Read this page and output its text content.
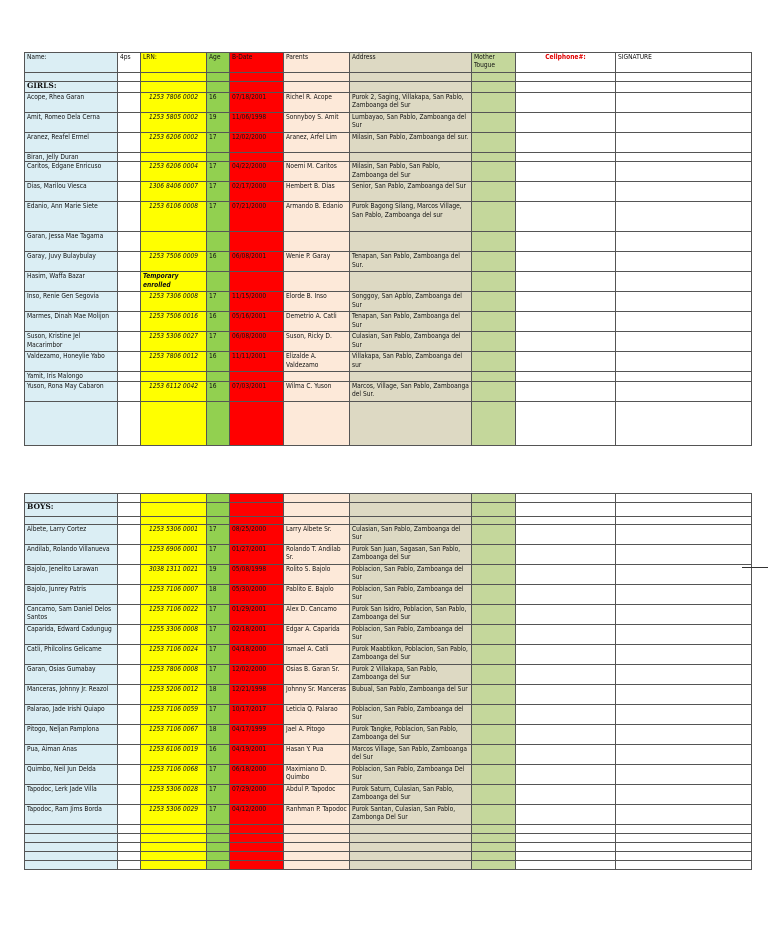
Name:	4ps	LRN:	Age	B-Date	Parents	Address	Mother Tougue	Cellphone#:	SIGNATURE

GIRLS:									
Acope, Rhea Garan		1253 7806 0002	16	07/18/2001	Richel R. Acope	Purok 2, Saging, Villakapa, San Pablo, Zamboanga del Sur			
Amit, Romeo Dela Cerna		1253 5805 0002	19	11/06/1998	Sonnyboy S. Amit	Lumbayao, San Pablo, Zamboanga del Sur			
Aranez, Reafel Ermel		1253 6206 0002	17	12/02/2000	Aranez, Arfel Lim	Milasin, San Pablo, Zamboanga del sur.			
Biran, Jelly Duran									
Caritos, Edgane Enricuso		1253 6206 0004	17	04/22/2000	Noemi M. Caritos	Milasin, San Pablo, San Pablo, Zamboanga del Sur			
Dias, Marilou Viesca		1306 8406 0007	17	02/17/2000	Hembert B. Dias	Senior, San Pablo, Zamboanga del Sur			
Edanio, Ann Marie Siete		1253 6106 0008	17	07/21/2000	Armando B. Edanio	Purok Bagong Silang, Marcos Village, San Pablo, Zamboanga del sur			
Garan, Jessa Mae Tagama									
Garay, Juvy Bulaybulay		1253 7506 0009	16	06/08/2001	Wenie P. Garay	Tenapan, San Pablo, Zamboanga del Sur.			
Hasim, Waffa Bazar		Temporary enrolled							
Inso, Renie Gen Segovia		1253 7306 0008	17	11/15/2000	Elorde B. Inso	Songgoy, San Apblo, Zamboanga del Sur			
Marmes, Dinah Mae Molijon		1253 7506 0016	16	05/16/2001	Demetrio A. Catli	Tenapan, San Pablo, Zamboanga del Sur			
Suson, Kristine Jel Macarimbor		1253 5306 0027	17	06/08/2000	Suson, Ricky D.	Culasian, San Pablo, Zamboanga del Sur			
Valdezamo, Honeylie Yabo		1253 7806 0012	16	11/11/2001	Elizalde A. Valdezamo	Villakapa, San Pablo, Zamboanga del sur			
Yamit, Iris Malongo									
Yuson, Rona May Cabaron		1253 6112 0042	16	07/03/2001	Wilma C. Yuson	Marcos, Village, San Pablo, Zamboanga del Sur.			

BOYS:									

Albete, Larry Cortez		1253 5306 0001	17	08/25/2000	Larry Albete Sr.	Culasian, San Pablo, Zamboanga del Sur			
Andilab, Rolando Villanueva		1253 6906 0001	17	01/27/2001	Rolando T. Andilab Sr.	Purok San Juan, Sagasan, San Pablo, Zamboanga del Sur			
Bajolo, Jenelito Larawan		3038 1311 0021	19	05/08/1998	Rolito S. Bajolo	Poblacion, San Pablo, Zamboanga del Sur			
Bajolo, Junrey Patris		1253 7106 0007	18	05/30/2000	Pablito E. Bajolo	Poblacion, San Pablo, Zamboanga del Sur			
Cancamo, Sam Daniel Delos Santos		1253 7106 0022	17	01/29/2001	Alex D. Cancamo	Purok San Isidro, Poblacion, San Pablo, Zamboanga del Sur			
Caparida, Edward Cadungug		1255 3306 0008	17	02/18/2001	Edgar A. Caparida	Poblacion, San Pablo, Zamboanga del Sur			
Catli, Philcolins Gelicame		1253 7106 0024	17	04/18/2000	Ismael A. Catli	Purok Maabtikon, Poblacion, San Pablo, Zamboanga del Sur			
Garan, Osias Gumabay		1253 7806 0008	17	12/02/2000	Osias B. Garan Sr.	Purok 2 Villakapa, San Pablo, Zamboanga del Sur			
Manceras, Johnny Jr. Reazol		1253 5206 0012	18	12/21/1998	Johnny Sr. Manceras	Bubual, San Pablo, Zamboanga del Sur			
Palarao, Jade Irishi Quiapo		1253 7106 0059	17	10/17/2017	Leticia Q. Palarao	Poblacion, San Pablo, Zamboanga del Sur			
Pitogo, Neljan Pamplona		1253 7106 0067	18	04/17/1999	Jael A. Pitogo	Purok Tangke, Poblacion, San Pablo, Zamboanga del Sur			
Pua, Aiman Anas		1253 6106 0019	16	04/19/2001	Hasan Y. Pua	Marcos Village, San Pablo, Zamboanga del Sur			
Quimbo, Neil Jun Delda		1253 7106 0068	17	06/18/2000	Maximiano D. Quimbo	Poblacion, San Pablo, Zamboanga Del Sur			
Tapodoc, Lerk Jade Villa		1253 5306 0028	17	07/29/2000	Abdul P. Tapodoc	Purok Saturn, Culasian, San Pablo, Zamboanga del Sur			
Tapodoc, Ram Jims Borda		1253 5306 0029	17	04/12/2000	Ranhman P. Tapodoc	Purok Santan, Culasian, San Pablo, Zambonga Del Sur			
